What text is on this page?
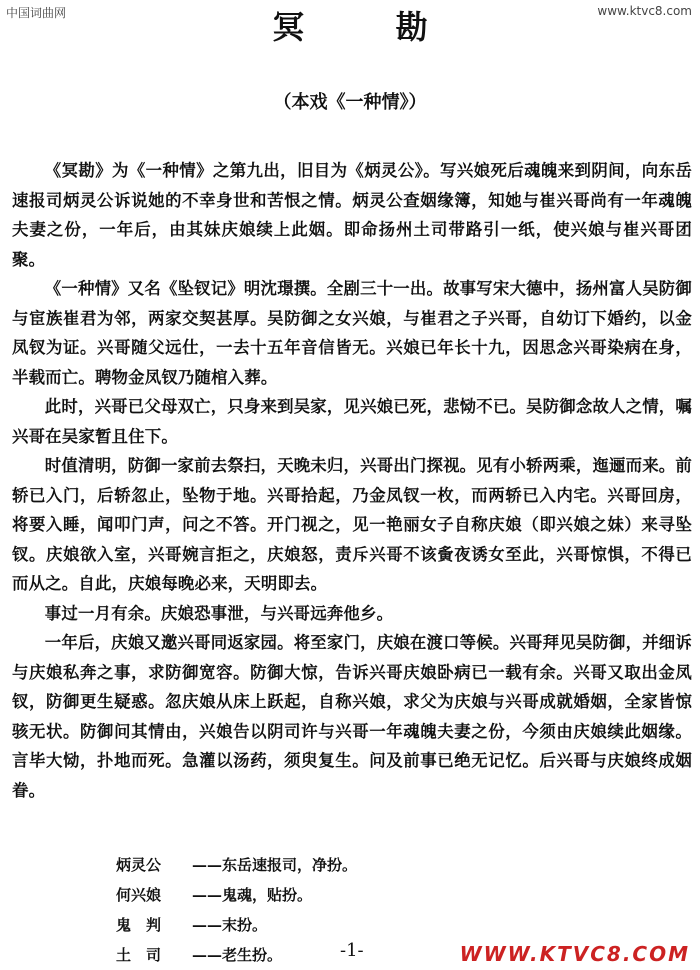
中国词曲网	www.ktvc8.com
冥 勘
（本戏《一种情》）

《冥勘》为《一种情》之第九出，旧目为《炳灵公》。写兴娘死后魂魄来到阴间，向东岳速报司炳灵公诉说她的不幸身世和苦恨之情。炳灵公查姻缘簿，知她与崔兴哥尚有一年魂魄夫妻之份，一年后，由其妹庆娘续上此姻。即命扬州土司带路引一纸，使兴娘与崔兴哥团聚。

《一种情》又名《坠钗记》明沈璟撰。全剧三十一出。故事写宋大德中，扬州富人吴防御与宦族崔君为邻，两家交契甚厚。吴防御之女兴娘，与崔君之子兴哥，自幼订下婚约，以金凤钗为证。兴哥随父远仕，一去十五年音信皆无。兴娘已年长十九，因思念兴哥染病在身，半载而亡。聘物金凤钗乃随棺入葬。

此时，兴哥已父母双亡，只身来到吴家，见兴娘已死，悲恸不已。吴防御念故人之情，嘱兴哥在吴家暂且住下。

时值清明，防御一家前去祭扫，天晚未归，兴哥出门探视。见有小轿两乘，迤逦而来。前轿已入门，后轿忽止，坠物于地。兴哥拾起，乃金凤钗一枚，而两轿已入内宅。兴哥回房，将要入睡，闻叩门声，问之不答。开门视之，见一艳丽女子自称庆娘（即兴娘之妹）来寻坠钗。庆娘欲入室，兴哥婉言拒之，庆娘怒，责斥兴哥不该夤夜诱女至此，兴哥惊惧，不得已而从之。自此，庆娘每晚必来，天明即去。

事过一月有余。庆娘恐事泄，与兴哥远奔他乡。

一年后，庆娘又邀兴哥同返家园。将至家门，庆娘在渡口等候。兴哥拜见吴防御，并细诉与庆娘私奔之事，求防御宽容。防御大惊，告诉兴哥庆娘卧病已一载有余。兴哥又取出金凤钗，防御更生疑惑。忽庆娘从床上跃起，自称兴娘，求父为庆娘与兴哥成就婚姻，全家皆惊骇无状。防御问其情由，兴娘告以阴司许与兴哥一年魂魄夫妻之份，今须由庆娘续此姻缘。言毕大恸，扑地而死。急灌以汤药，须臾复生。问及前事已绝无记忆。后兴哥与庆娘终成姻眷。

炳灵公	——东岳速报司，净扮。
何兴娘	——鬼魂，贴扮。
鬼　判	——末扮。
土　司	——老生扮。	-1-	WWW.KTVC8.COM
